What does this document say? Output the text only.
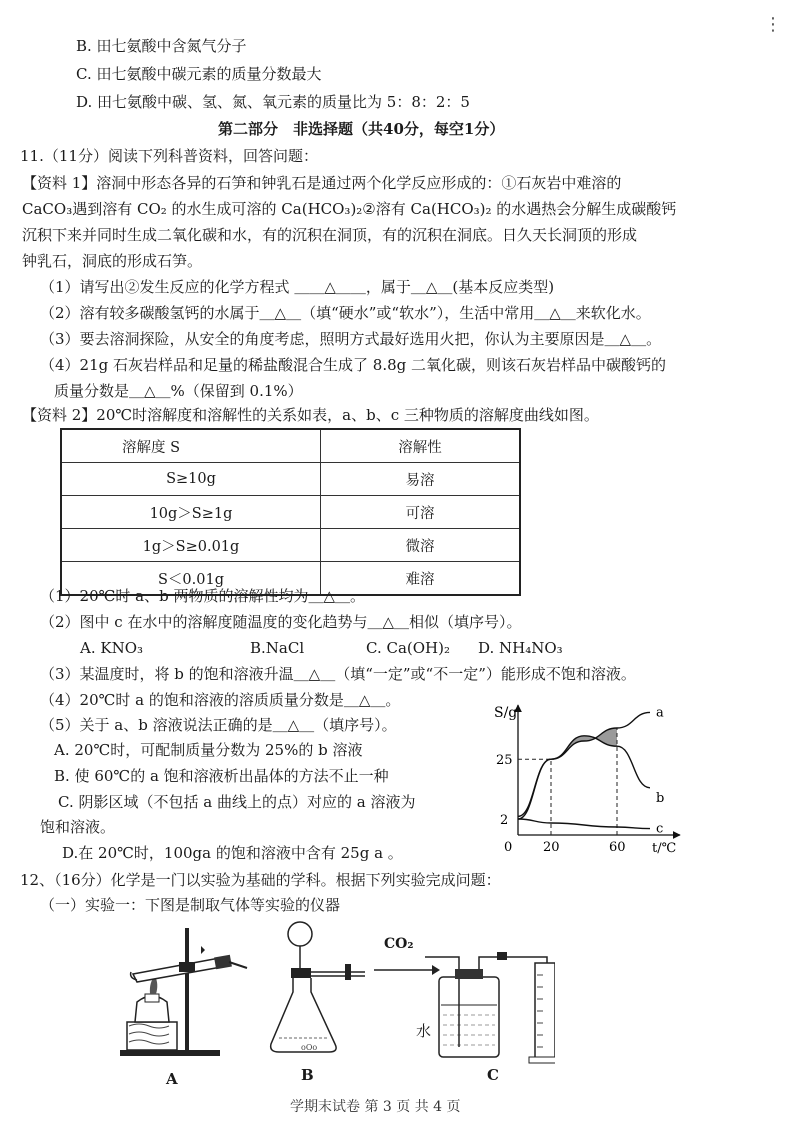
⋮
B. 田七氨酸中含氮气分子
C. 田七氨酸中碳元素的质量分数最大
D. 田七氨酸中碳、氢、氮、氧元素的质量比为 5：8：2：5
第二部分　非选择题（共40分，每空1分）
11.（11分）阅读下列科普资料，回答问题：
【资料 1】溶洞中形态各异的石笋和钟乳石是通过两个化学反应形成的：①石灰岩中难溶的
CaCO₃遇到溶有 CO₂ 的水生成可溶的 Ca(HCO₃)₂②溶有 Ca(HCO₃)₂ 的水遇热会分解生成碳酸钙
沉积下来并同时生成二氧化碳和水，有的沉积在洞顶，有的沉积在洞底。日久天长洞顶的形成
钟乳石，洞底的形成石笋。
（1）请写出②发生反应的化学方程式 ＿＿△＿＿，属于＿△＿(基本反应类型)
（2）溶有较多碳酸氢钙的水属于＿△＿（填“硬水”或“软水”），生活中常用＿△＿来软化水。
（3）要去溶洞探险，从安全的角度考虑，照明方式最好选用火把，你认为主要原因是＿△＿。
（4）21g 石灰岩样品和足量的稀盐酸混合生成了 8.8g 二氧化碳，则该石灰岩样品中碳酸钙的
质量分数是＿△＿%（保留到 0.1%）
【资料 2】20℃时溶解度和溶解性的关系如表，a、b、c 三种物质的溶解度曲线如图。
溶解度 S	溶解性
S≥10g	易溶
10g＞S≥1g	可溶
1g＞S≥0.01g	微溶
S＜0.01g	难溶
（1）20℃时 a、b 两物质的溶解性均为＿△＿。
（2）图中 c 在水中的溶解度随温度的变化趋势与＿△＿相似（填序号）。
A. KNO₃	B.NaCl	C. Ca(OH)₂ D. NH₄NO₃
（3）某温度时，将 b 的饱和溶液升温＿△＿（填“一定”或“不一定”）能形成不饱和溶液。
（4）20℃时 a 的饱和溶液的溶质质量分数是＿△＿。
（5）关于 a、b 溶液说法正确的是＿△＿（填序号）。
A. 20℃时，可配制质量分数为 25%的 b 溶液
B. 使 60℃的 a 饱和溶液析出晶体的方法不止一种
C. 阴影区域（不包括 a 曲线上的点）对应的 a 溶液为
饱和溶液。
D.在 20℃时，100ga 的饱和溶液中含有 25g a 。
S/g
t/℃
0 20	60
2
25
a
b
c
12、（16分）化学是一门以实验为基础的学科。根据下列实验完成问题：
（一）实验一：下图是制取气体等实验的仪器
A
oOo
B
CO₂
水
C
学期末试卷 第 3 页 共 4 页
